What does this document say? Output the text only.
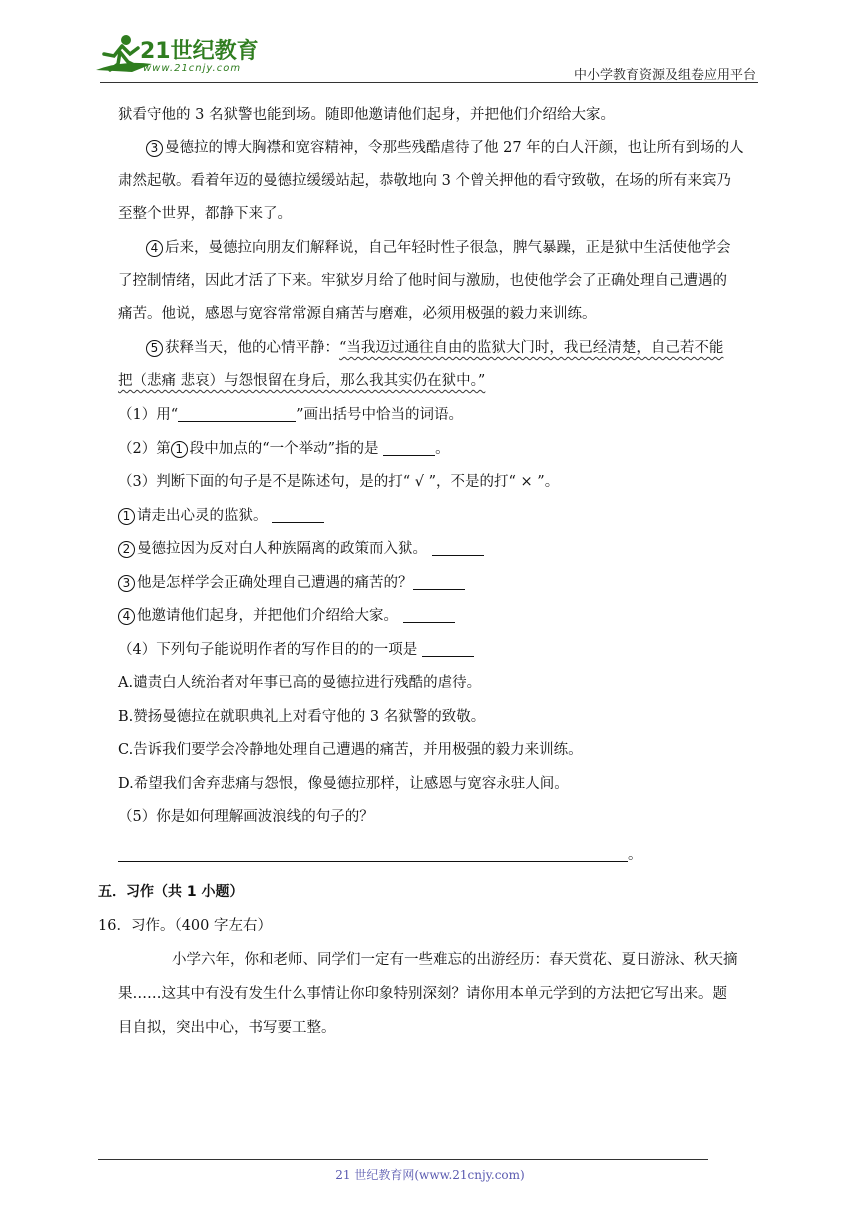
21世纪教育
www.21cnjy.com	中小学教育资源及组卷应用平台
狱看守他的 3 名狱警也能到场。随即他邀请他们起身，并把他们介绍给大家。
3 曼德拉的博大胸襟和宽容精神，令那些残酷虐待了他 27 年的白人汗颜，也让所有到场的人
肃然起敬。看着年迈的曼德拉缓缓站起，恭敬地向 3 个曾关押他的看守致敬，在场的所有来宾乃
至整个世界，都静下来了。
4 后来，曼德拉向朋友们解释说，自己年轻时性子很急，脾气暴躁，正是狱中生活使他学会
了控制情绪，因此才活了下来。牢狱岁月给了他时间与激励，也使他学会了正确处理自己遭遇的
痛苦。他说，感恩与宽容常常源自痛苦与磨难，必须用极强的毅力来训练。
5 获释当天，他的心情平静：“当我迈过通往自由的监狱大门时，我已经清楚，自己若不能
把（悲痛 悲哀）与怨恨留在身后，那么我其实仍在狱中。”
（1）用“	”画出括号中恰当的词语。
（2）第 1 段中加点的“一个举动”指的是	。
（3）判断下面的句子是不是陈述句，是的打“ √ ”，不是的打“ × ”。
1 请走出心灵的监狱。
2 曼德拉因为反对白人种族隔离的政策而入狱。
3 他是怎样学会正确处理自己遭遇的痛苦的？
4 他邀请他们起身，并把他们介绍给大家。
（4）下列句子能说明作者的写作目的的一项是
A.谴责白人统治者对年事已高的曼德拉进行残酷的虐待。
B.赞扬曼德拉在就职典礼上对看守他的 3 名狱警的致敬。
C.告诉我们要学会冷静地处理自己遭遇的痛苦，并用极强的毅力来训练。
D.希望我们舍弃悲痛与怨恨，像曼德拉那样，让感恩与宽容永驻人间。
（5）你是如何理解画波浪线的句子的？
。
五．习作（共 1 小题）
16．习作。（400 字左右）
小学六年，你和老师、同学们一定有一些难忘的出游经历：春天赏花、夏日游泳、秋天摘
果……这其中有没有发生什么事情让你印象特别深刻？请你用本单元学到的方法把它写出来。题
目自拟，突出中心，书写要工整。
21 世纪教育网(www.21cnjy.com)
